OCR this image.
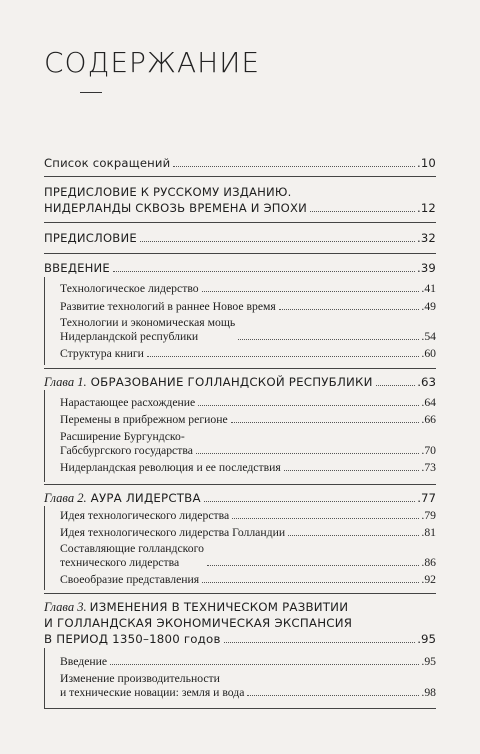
СОДЕРЖАНИЕ
Список сокращений	.10
ПРЕДИСЛОВИЕ К РУССКОМУ ИЗДАНИЮ.
НИДЕРЛАНДЫ СКВОЗЬ ВРЕМЕНА И ЭПОХИ	.12
ПРЕДИСЛОВИЕ	.32
ВВЕДЕНИЕ	.39
Технологическое лидерство	.41
Развитие технологий в раннее Новое время	.49
Технологии и экономическая мощь
Нидерландской республики	.54
Структура книги	.60
Глава 1. ОБРАЗОВАНИЕ ГОЛЛАНДСКОЙ РЕСПУБЛИКИ	.63
Нарастающее расхождение	.64
Перемены в прибрежном регионе	.66
Расширение Бургундско-
Габсбургского государства	.70
Нидерландская революция и ее последствия	.73
Глава 2. АУРА ЛИДЕРСТВА	.77
Идея технологического лидерства	.79
Идея технологического лидерства Голландии	.81
Составляющие голландского
технического лидерства	.86
Своеобразие представления	.92
Глава 3. ИЗМЕНЕНИЯ В ТЕХНИЧЕСКОМ РАЗВИТИИ
И ГОЛЛАНДСКАЯ ЭКОНОМИЧЕСКАЯ ЭКСПАНСИЯ
В ПЕРИОД 1350–1800 годов	.95
Введение	.95
Изменение производительности
и технические новации: земля и вода	.98
